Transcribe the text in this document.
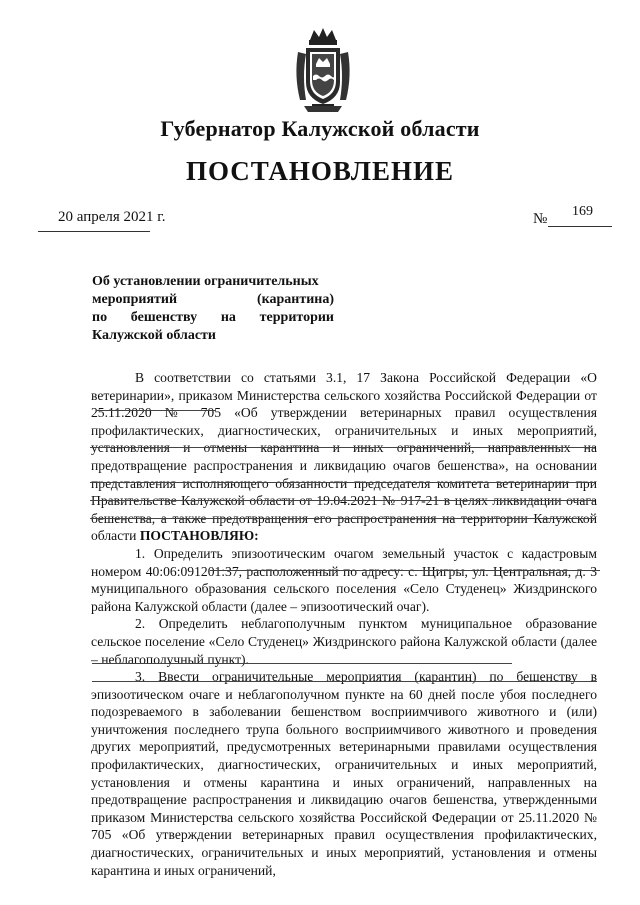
Губернатор Калужской области
ПОСТАНОВЛЕНИЕ
20 апреля 2021 г.	№ 169
Об установлении ограничительных
мероприятий (карантина)
по бешенству на территории
Калужской области

В соответствии со статьями 3.1, 17 Закона Российской Федерации «О ветеринарии», приказом Министерства сельского хозяйства Российской Федерации от 25.11.2020 № 705 «Об утверждении ветеринарных правил осуществления профилактических, диагностических, ограничительных и иных мероприятий, установления и отмены карантина и иных ограничений, направленных на предотвращение распространения и ликвидацию очагов бешенства», на основании представления исполняющего обязанности председателя комитета ветеринарии при Правительстве Калужской области от 19.04.2021 № 917-21 в целях ликвидации очага бешенства, а также предотвращения его распространения на территории Калужской области ПОСТАНОВЛЯЮ:

1. Определить эпизоотическим очагом земельный участок с кадастровым номером 40:06:091201:37, расположенный по адресу: с. Щигры, ул. Центральная, д. 3 муниципального образования сельского поселения «Село Студенец» Жиздринского района Калужской области (далее – эпизоотический очаг).

2. Определить неблагополучным пунктом муниципальное образование сельское поселение «Село Студенец» Жиздринского района Калужской области (далее – неблагополучный пункт).

3. Ввести ограничительные мероприятия (карантин) по бешенству в эпизоотическом очаге и неблагополучном пункте на 60 дней после убоя последнего подозреваемого в заболевании бешенством восприимчивого животного и (или) уничтожения последнего трупа больного восприимчивого животного и проведения других мероприятий, предусмотренных ветеринарными правилами осуществления профилактических, диагностических, ограничительных и иных мероприятий, установления и отмены карантина и иных ограничений, направленных на предотвращение распространения и ликвидацию очагов бешенства, утвержденными приказом Министерства сельского хозяйства Российской Федерации от 25.11.2020 № 705 «Об утверждении ветеринарных правил осуществления профилактических, диагностических, ограничительных и иных мероприятий, установления и отмены карантина и иных ограничений,
